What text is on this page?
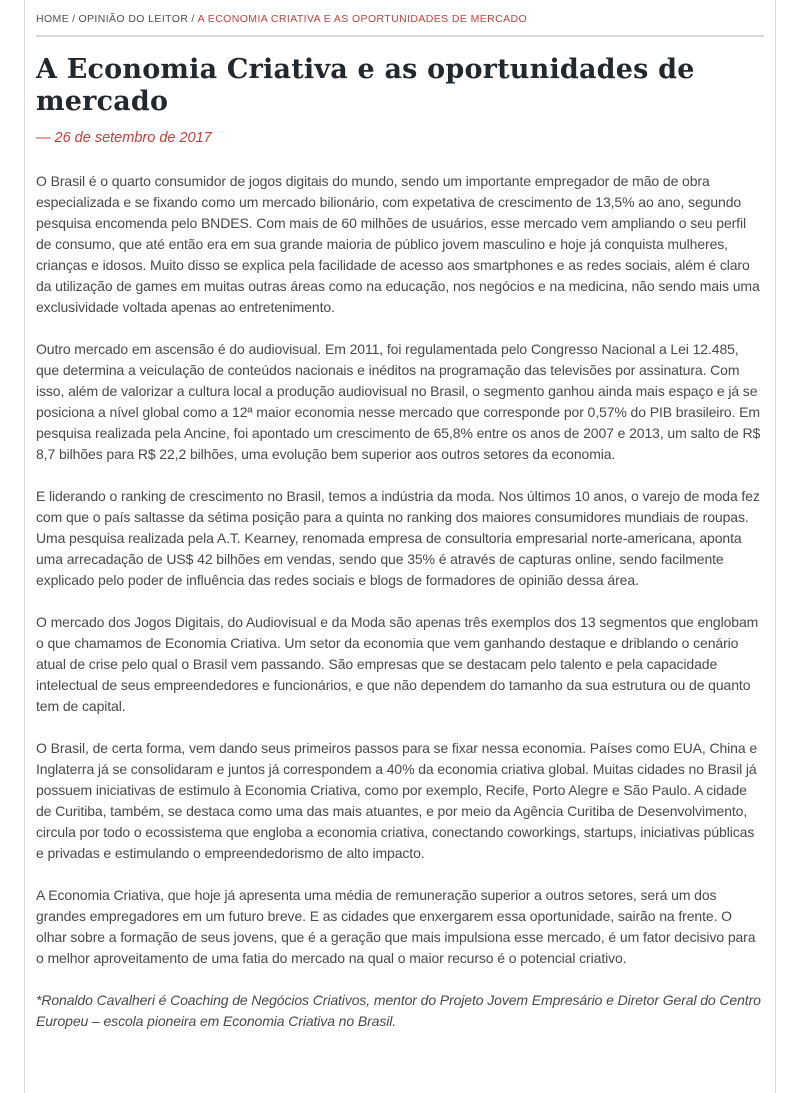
HOME / OPINIÃO DO LEITOR / A ECONOMIA CRIATIVA E AS OPORTUNIDADES DE MERCADO
A Economia Criativa e as oportunidades de mercado
— 26 de setembro de 2017

O Brasil é o quarto consumidor de jogos digitais do mundo, sendo um importante empregador de mão de obra especializada e se fixando como um mercado bilionário, com expetativa de crescimento de 13,5% ao ano, segundo pesquisa encomenda pelo BNDES. Com mais de 60 milhões de usuários, esse mercado vem ampliando o seu perfil de consumo, que até então era em sua grande maioria de público jovem masculino e hoje já conquista mulheres, crianças e idosos. Muito disso se explica pela facilidade de acesso aos smartphones e as redes sociais, além é claro da utilização de games em muitas outras áreas como na educação, nos negócios e na medicina, não sendo mais uma exclusividade voltada apenas ao entretenimento.

Outro mercado em ascensão é do audiovisual. Em 2011, foi regulamentada pelo Congresso Nacional a Lei 12.485, que determina a veiculação de conteúdos nacionais e inéditos na programação das televisões por assinatura. Com isso, além de valorizar a cultura local a produção audiovisual no Brasil, o segmento ganhou ainda mais espaço e já se posiciona a nível global como a 12ª maior economia nesse mercado que corresponde por 0,57% do PIB brasileiro. Em pesquisa realizada pela Ancine, foi apontado um crescimento de 65,8% entre os anos de 2007 e 2013, um salto de R$ 8,7 bilhões para R$ 22,2 bilhões, uma evolução bem superior aos outros setores da economia.

E liderando o ranking de crescimento no Brasil, temos a indústria da moda. Nos últimos 10 anos, o varejo de moda fez com que o país saltasse da sétima posição para a quinta no ranking dos maiores consumidores mundiais de roupas. Uma pesquisa realizada pela A.T. Kearney, renomada empresa de consultoria empresarial norte-americana, aponta uma arrecadação de US$ 42 bilhões em vendas, sendo que 35% é através de capturas online, sendo facilmente explicado pelo poder de influência das redes sociais e blogs de formadores de opinião dessa área.

O mercado dos Jogos Digitais, do Audiovisual e da Moda são apenas três exemplos dos 13 segmentos que englobam o que chamamos de Economia Criativa. Um setor da economia que vem ganhando destaque e driblando o cenário atual de crise pelo qual o Brasil vem passando. São empresas que se destacam pelo talento e pela capacidade intelectual de seus empreendedores e funcionários, e que não dependem do tamanho da sua estrutura ou de quanto tem de capital.

O Brasil, de certa forma, vem dando seus primeiros passos para se fixar nessa economia. Países como EUA, China e Inglaterra já se consolidaram e juntos já correspondem a 40% da economia criativa global. Muitas cidades no Brasil já possuem iniciativas de estimulo à Economia Criativa, como por exemplo, Recife, Porto Alegre e São Paulo. A cidade de Curitiba, também, se destaca como uma das mais atuantes, e por meio da Agência Curitiba de Desenvolvimento, circula por todo o ecossistema que engloba a economia criativa, conectando coworkings, startups, iniciativas públicas e privadas e estimulando o empreendedorismo de alto impacto.

A Economia Criativa, que hoje já apresenta uma média de remuneração superior a outros setores, será um dos grandes empregadores em um futuro breve. E as cidades que enxergarem essa oportunidade, sairão na frente. O olhar sobre a formação de seus jovens, que é a geração que mais impulsiona esse mercado, é um fator decisivo para o melhor aproveitamento de uma fatia do mercado na qual o maior recurso é o potencial criativo.

*Ronaldo Cavalheri é Coaching de Negócios Criativos, mentor do Projeto Jovem Empresário e Diretor Geral do Centro Europeu – escola pioneira em Economia Criativa no Brasil.
